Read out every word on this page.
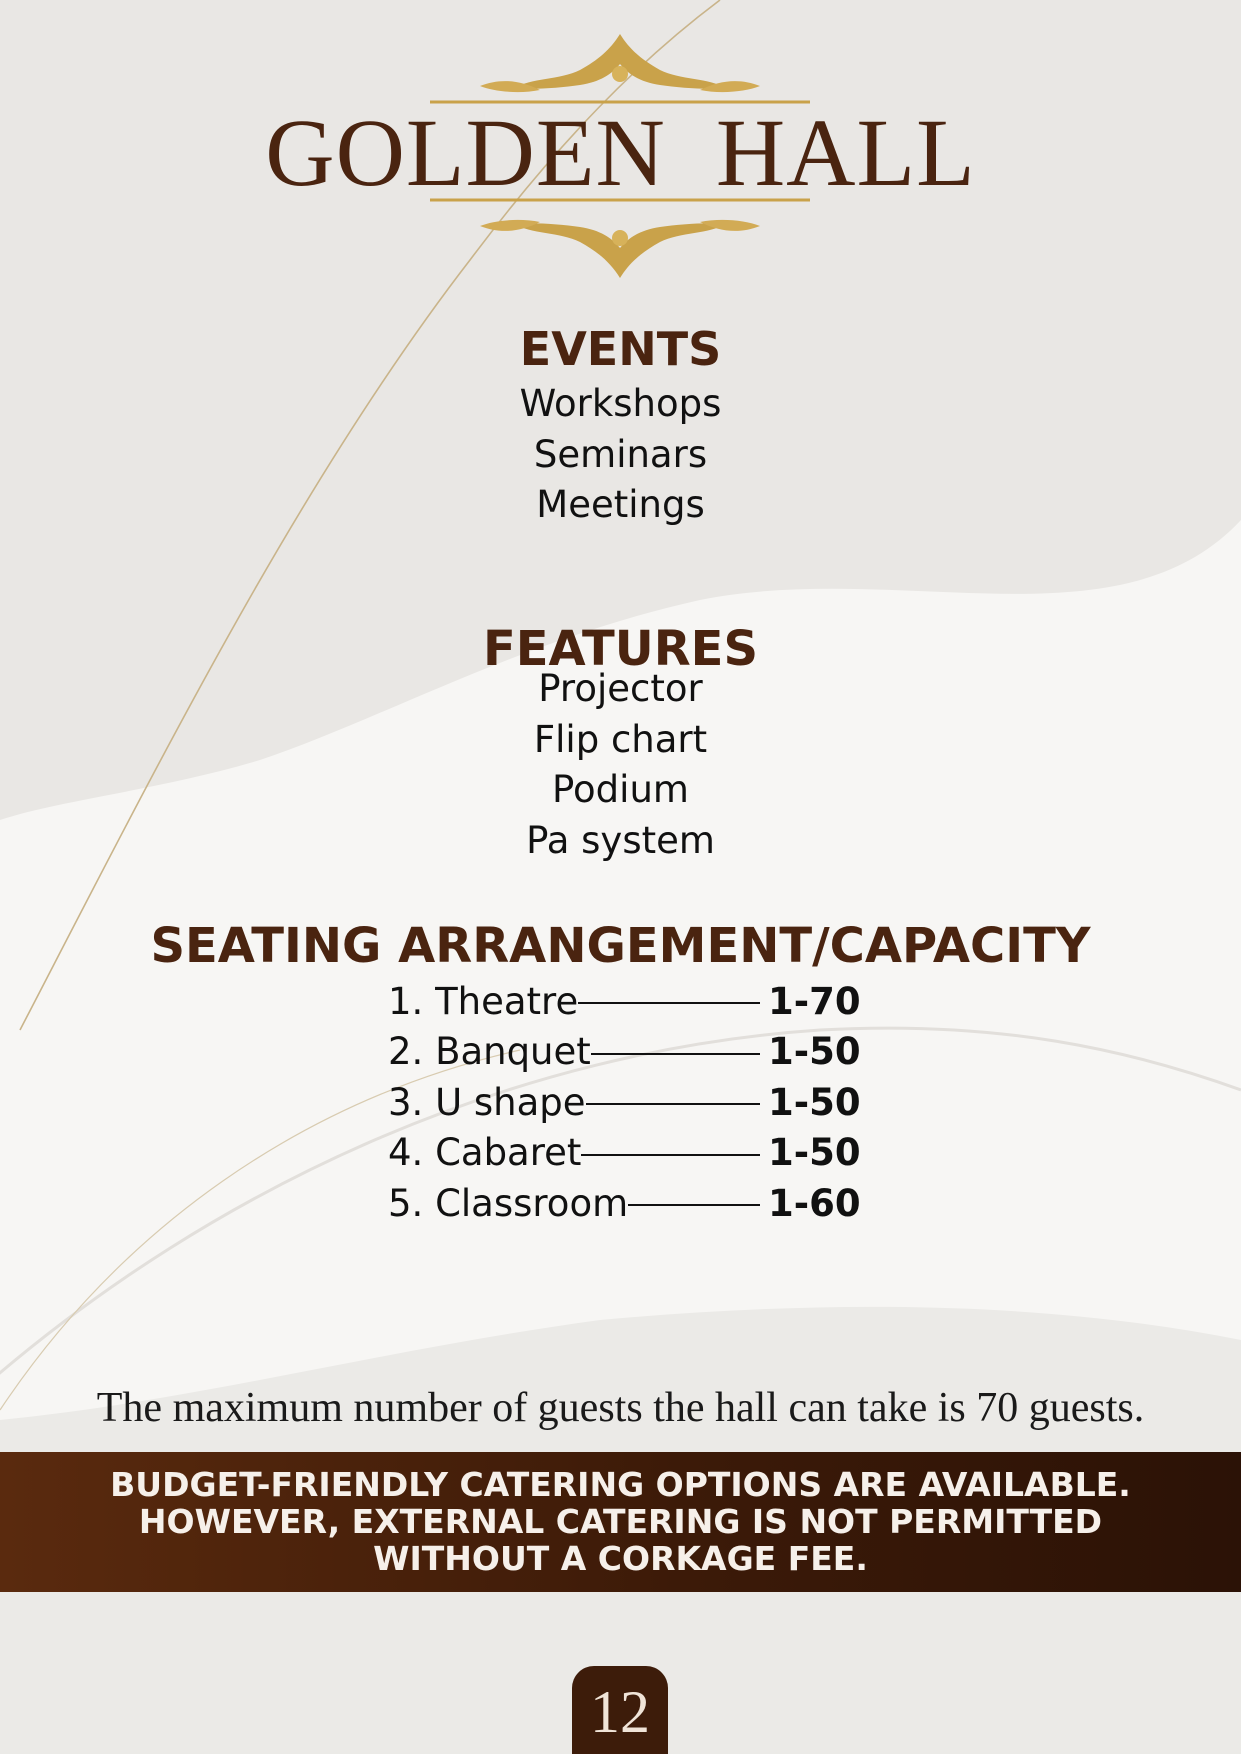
GOLDEN  HALL
EVENTS
Workshops
Seminars
Meetings
FEATURES
Projector
Flip chart
Podium
Pa system
SEATING ARRANGEMENT/CAPACITY
1. Theatre	1-70
2. Banquet	1-50
3. U shape	1-50
4. Cabaret	1-50
5. Classroom	1-60
The maximum number of guests the hall can take is 70 guests.
BUDGET-FRIENDLY CATERING OPTIONS ARE AVAILABLE.
HOWEVER, EXTERNAL CATERING IS NOT PERMITTED
WITHOUT A CORKAGE FEE.
12
